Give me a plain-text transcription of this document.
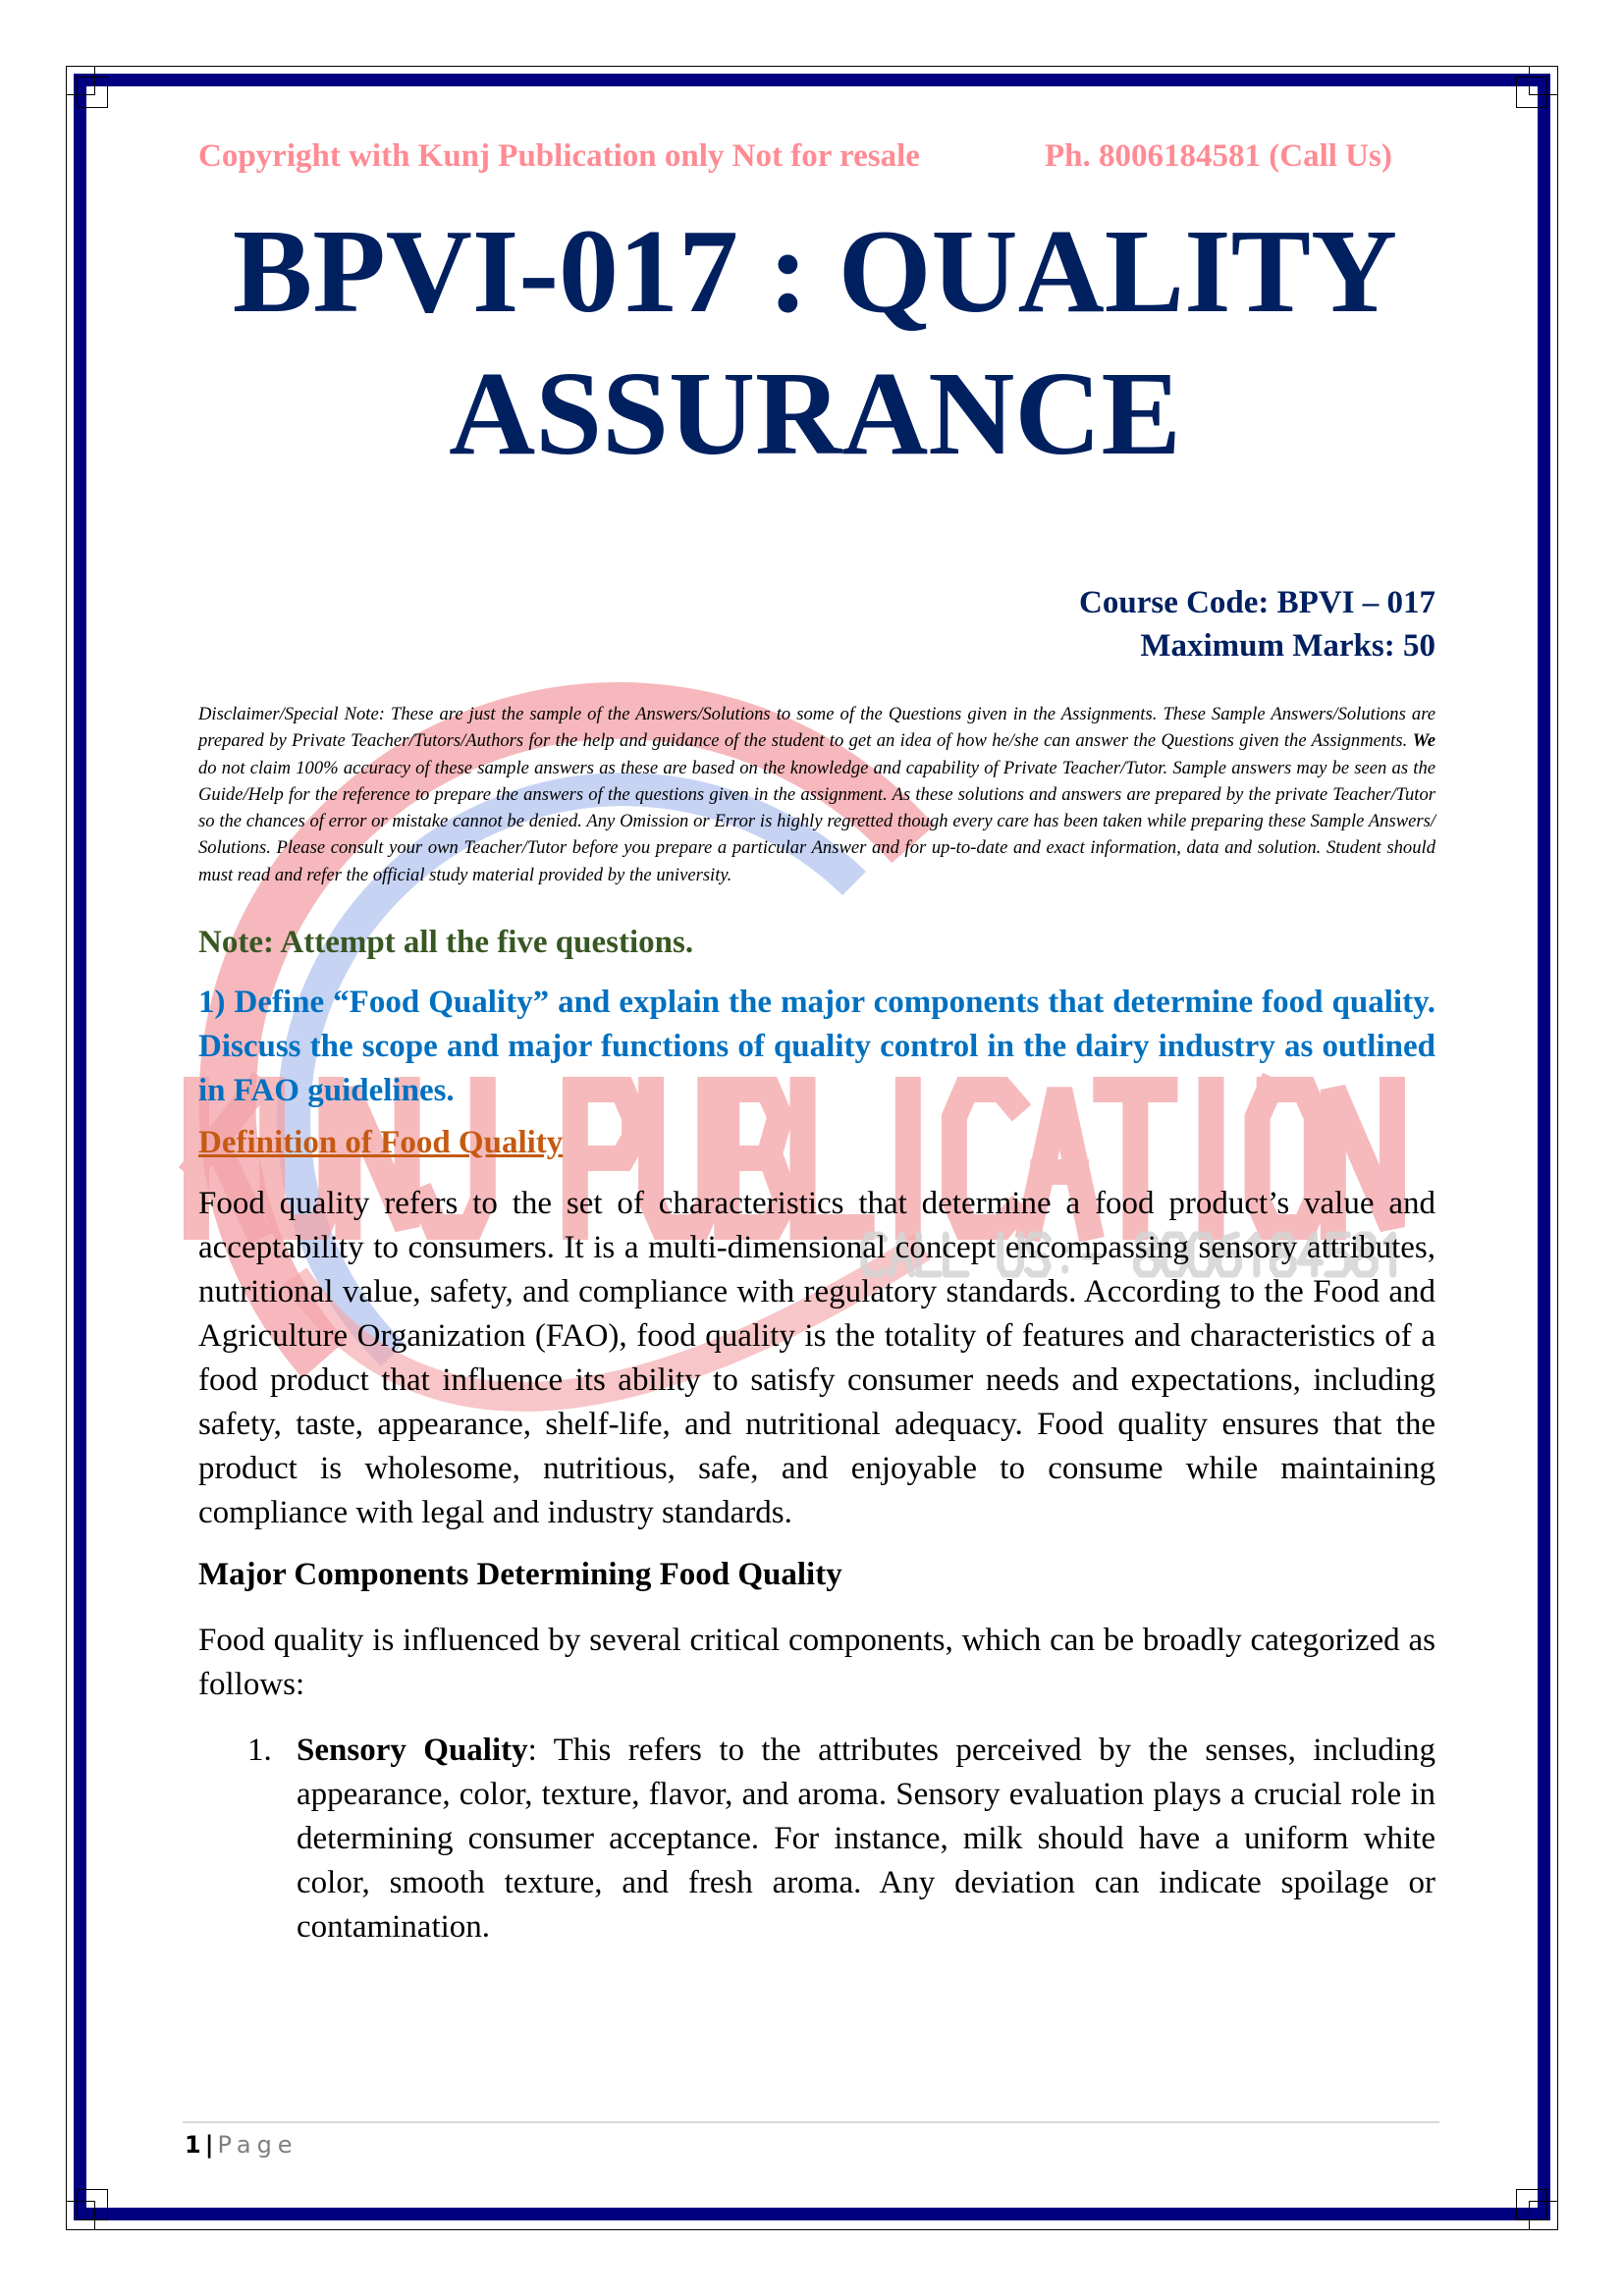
Copyright with Kunj Publication only Not for resale	Ph. 8006184581 (Call Us)
BPVI-017 : QUALITY
ASSURANCE
Course Code: BPVI – 017
Maximum Marks: 50
Disclaimer/Special Note: These are just the sample of the Answers/Solutions to some of the Questions given in the Assignments. These Sample Answers/Solutions are prepared by Private Teacher/Tutors/Authors for the help and guidance of the student to get an idea of how he/she can answer the Questions given the Assignments. We do not claim 100% accuracy of these sample answers as these are based on the knowledge and capability of Private Teacher/Tutor. Sample answers may be seen as the Guide/Help for the reference to prepare the answers of the questions given in the assignment. As these solutions and answers are prepared by the private Teacher/Tutor so the chances of error or mistake cannot be denied. Any Omission or Error is highly regretted though every care has been taken while preparing these Sample Answers/ Solutions. Please consult your own Teacher/Tutor before you prepare a particular Answer and for up-to-date and exact information, data and solution. Student should must read and refer the official study material provided by the university.
Note: Attempt all the five questions.
1) Define “Food Quality” and explain the major components that determine food quality. Discuss the scope and major functions of quality control in the dairy industry as outlined in FAO guidelines.
Definition of Food Quality
Food quality refers to the set of characteristics that determine a food product’s value and acceptability to consumers. It is a multi-dimensional concept encompassing sensory attributes, nutritional value, safety, and compliance with regulatory standards. According to the Food and Agriculture Organization (FAO), food quality is the totality of features and characteristics of a food product that influence its ability to satisfy consumer needs and expectations, including safety, taste, appearance, shelf-life, and nutritional adequacy. Food quality ensures that the product is wholesome, nutritious, safe, and enjoyable to consume while maintaining compliance with legal and industry standards.
Major Components Determining Food Quality
Food quality is influenced by several critical components, which can be broadly categorized as follows:
1. Sensory Quality: This refers to the attributes perceived by the senses, including appearance, color, texture, flavor, and aroma. Sensory evaluation plays a crucial role in determining consumer acceptance. For instance, milk should have a uniform white color, smooth texture, and fresh aroma. Any deviation can indicate spoilage or contamination.
1 | Page
